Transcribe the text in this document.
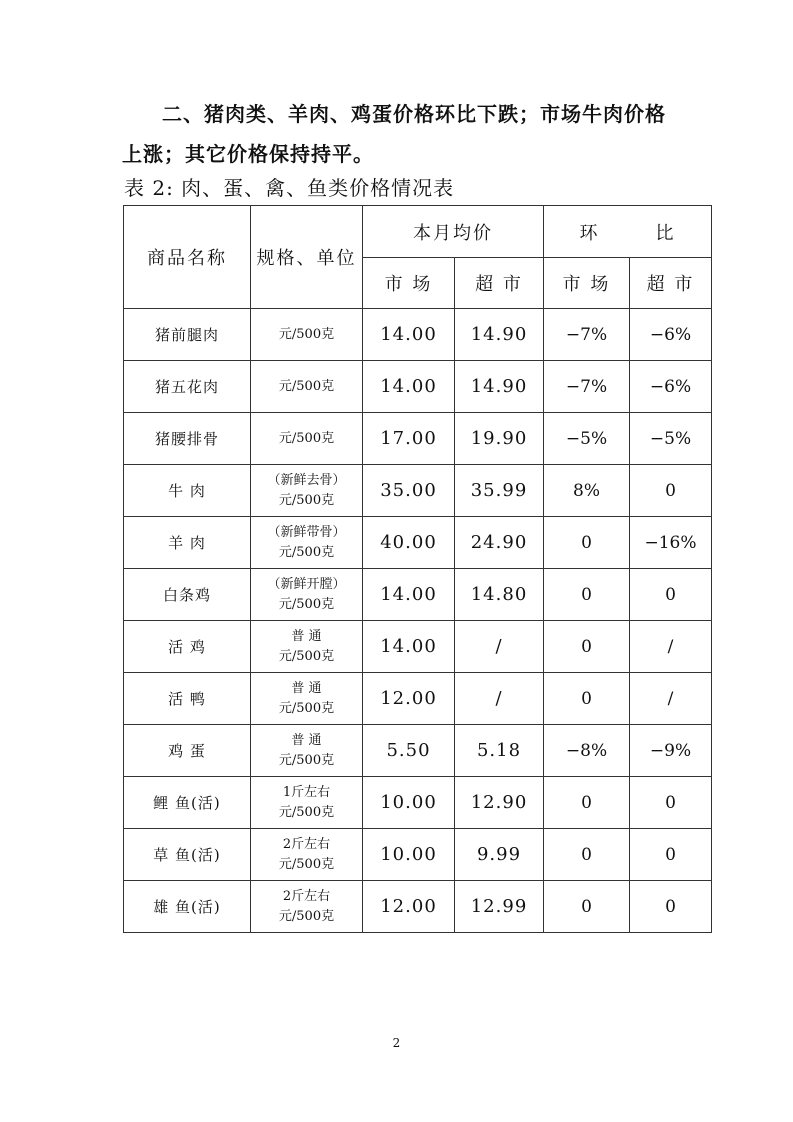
二、猪肉类、羊肉、鸡蛋价格环比下跌；市场牛肉价格上涨；其它价格保持持平。
表 2: 肉、蛋、禽、鱼类价格情况表
商品名称	规格、单位	本月均价		环 比	
		市 场	超 市	市 场	超 市
猪前腿肉	元/500克	14.00	14.90	−7%	−6%
猪五花肉	元/500克	14.00	14.90	−7%	−6%
猪腰排骨	元/500克	17.00	19.90	−5%	−5%
牛 肉	（新鲜去骨）
元/500克	35.00	35.99	8%	0
羊 肉	（新鲜带骨）
元/500克	40.00	24.90	0	−16%
白条鸡	（新鲜开膛）
元/500克	14.00	14.80	0	0
活 鸡	普 通
元/500克	14.00	/	0	/
活 鸭	普 通
元/500克	12.00	/	0	/
鸡 蛋	普 通
元/500克	5.50	5.18	−8%	−9%
鲤 鱼(活)	1斤左右
元/500克	10.00	12.90	0	0
草 鱼(活)	2斤左右
元/500克	10.00	9.99	0	0
雄 鱼(活)	2斤左右
元/500克	12.00	12.99	0	0
2
